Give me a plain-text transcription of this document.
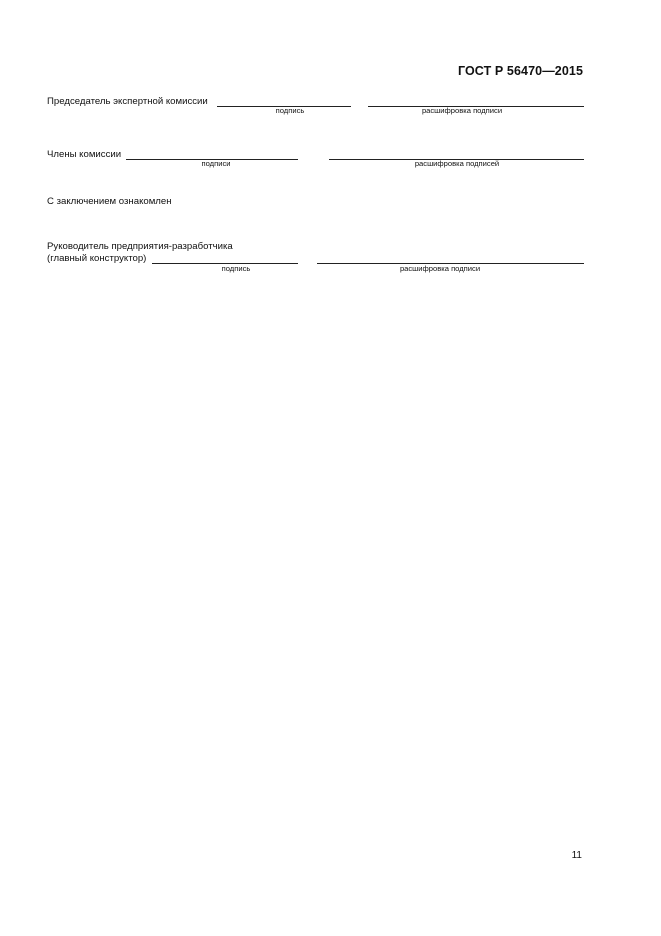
ГОСТ Р 56470—2015
Председатель экспертной комиссии
подпись	расшифровка подписи
Члены комиссии
подписи	расшифровка подписей
С заключением ознакомлен
Руководитель предприятия-разработчика
(главный конструктор)
подпись	расшифровка подписи
11
